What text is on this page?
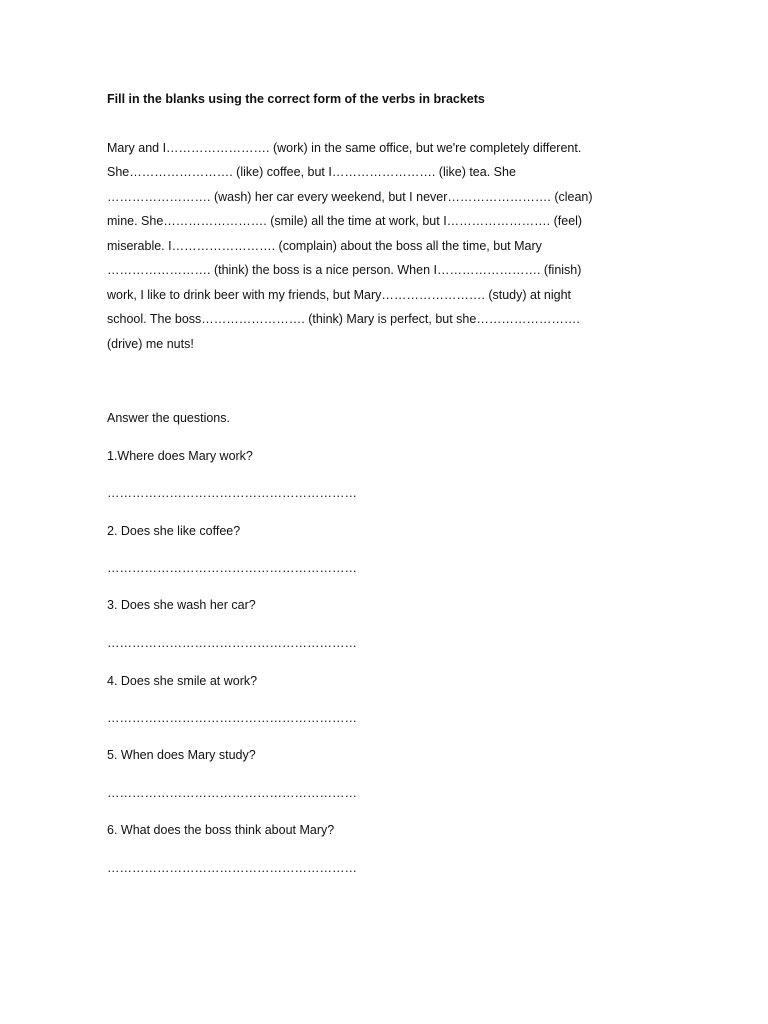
Fill in the blanks using the correct form of the verbs in brackets
Mary and I……………………. (work) in the same office, but we're completely different.
She……………………. (like) coffee, but I……………………. (like) tea. She
……………………. (wash) her car every weekend, but I never……………………. (clean)
mine. She……………………. (smile) all the time at work, but I……………………. (feel)
miserable. I……………………. (complain) about the boss all the time, but Mary
……………………. (think) the boss is a nice person. When I……………………. (finish)
work, I like to drink beer with my friends, but Mary……………………. (study) at night
school. The boss……………………. (think) Mary is perfect, but she…………………….
(drive) me nuts!
Answer the questions.
1.Where does Mary work?
……………………………………………………
2. Does she like coffee?
……………………………………………………
3. Does she wash her car?
……………………………………………………
4. Does she smile at work?
……………………………………………………
5. When does Mary study?
……………………………………………………
6. What does the boss think about Mary?
……………………………………………………
